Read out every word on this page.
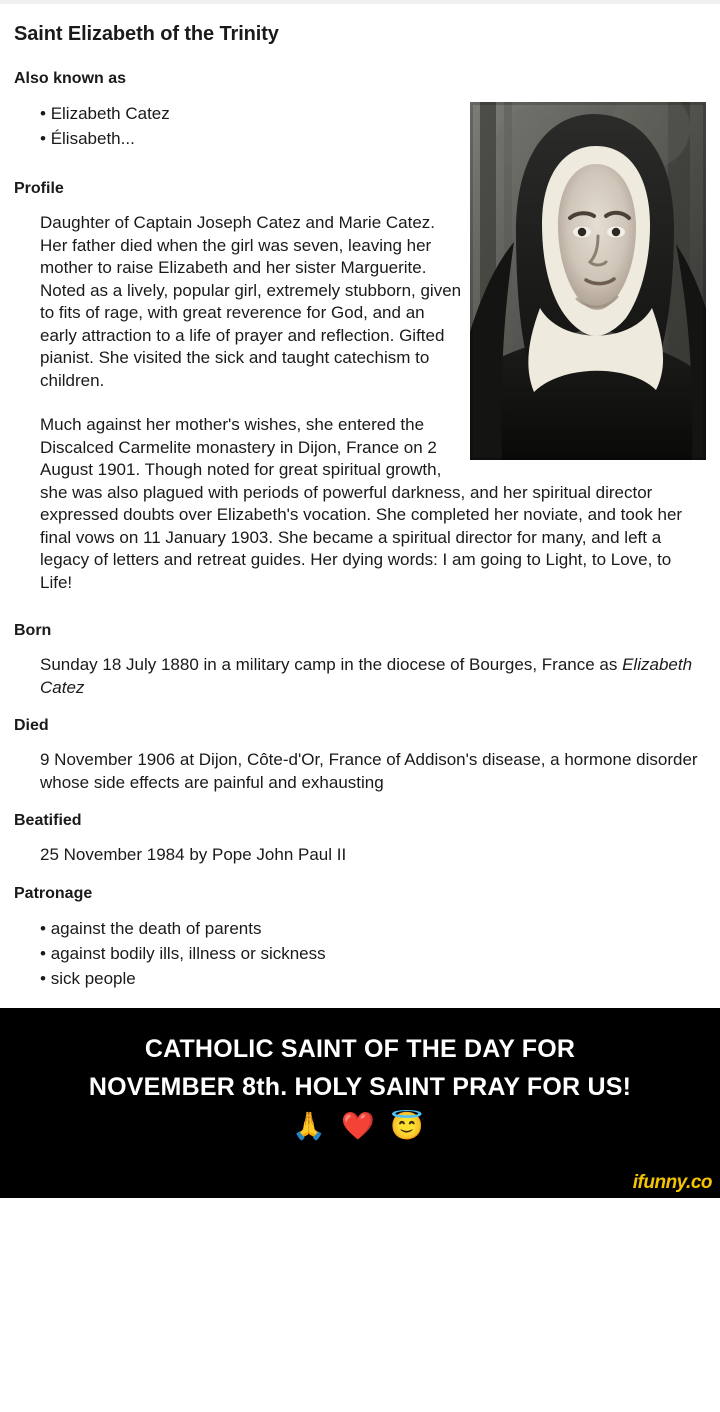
Saint Elizabeth of the Trinity
Also known as
• Elizabeth Catez
• Élisabeth...
Profile

Daughter of Captain Joseph Catez and Marie Catez. Her father died when the girl was seven, leaving her mother to raise Elizabeth and her sister Marguerite. Noted as a lively, popular girl, extremely stubborn, given to fits of rage, with great reverence for God, and an early attraction to a life of prayer and reflection. Gifted pianist. She visited the sick and taught catechism to children.

Much against her mother's wishes, she entered the Discalced Carmelite monastery in Dijon, France on 2 August 1901. Though noted for great spiritual growth, she was also plagued with periods of powerful darkness, and her spiritual director expressed doubts over Elizabeth's vocation. She completed her noviate, and took her final vows on 11 January 1903. She became a spiritual director for many, and left a legacy of letters and retreat guides. Her dying words: I am going to Light, to Love, to Life!

Born

Sunday 18 July 1880 in a military camp in the diocese of Bourges, France as Elizabeth Catez

Died

9 November 1906 at Dijon, Côte-d'Or, France of Addison's disease, a hormone disorder whose side effects are painful and exhausting

Beatified

25 November 1984 by Pope John Paul II

Patronage
• against the death of parents
• against bodily ills, illness or sickness
• sick people
CATHOLIC SAINT OF THE DAY FOR
NOVEMBER 8th. HOLY SAINT PRAY FOR US!
🙏 ❤️ 😇
ifunny.co
